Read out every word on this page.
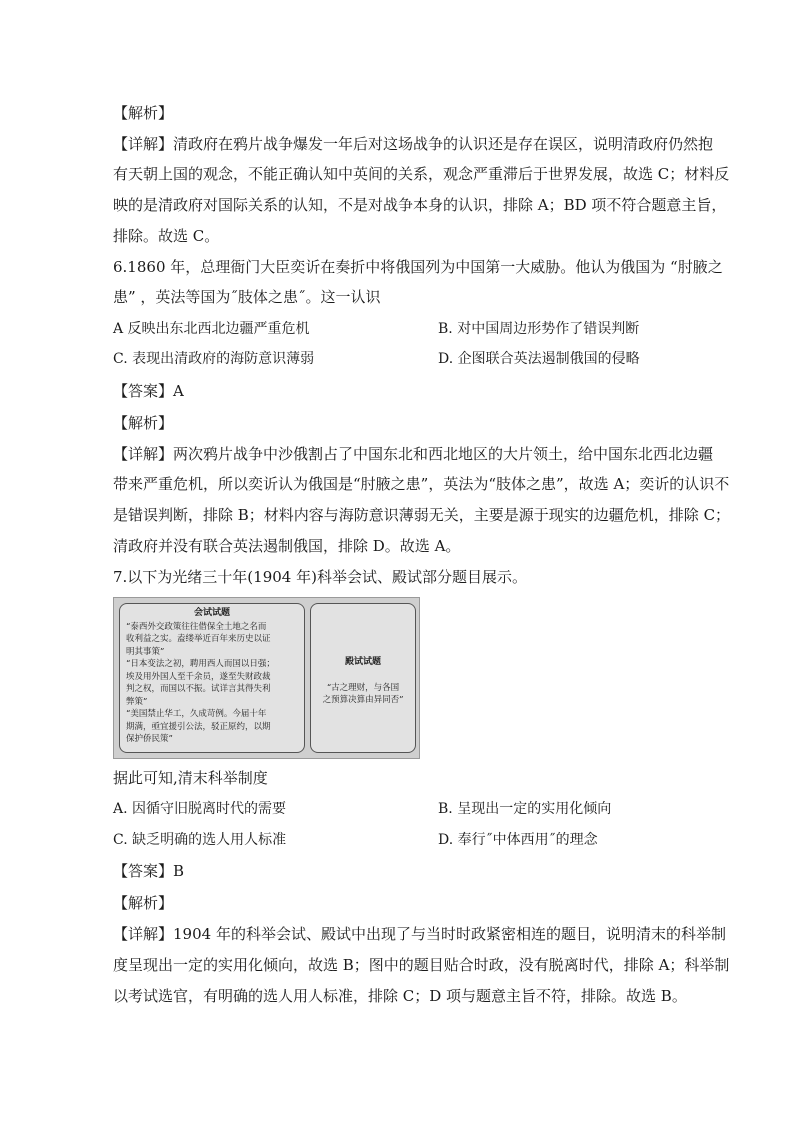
【解析】
【详解】清政府在鸦片战争爆发一年后对这场战争的认识还是存在误区，说明清政府仍然抱
有天朝上国的观念，不能正确认知中英间的关系，观念严重滞后于世界发展，故选 C；材料反
映的是清政府对国际关系的认知，不是对战争本身的认识，排除 A；BD 项不符合题意主旨，
排除。故选 C。
6.1860 年，总理衙门大臣奕䜣在奏折中将俄国列为中国第一大威胁。他认为俄国为 “肘腋之
患” ，英法等国为˝肢体之患˝。这一认识
A 反映出东北西北边疆严重危机	B. 对中国周边形势作了错误判断
C. 表现出清政府的海防意识薄弱	D. 企图联合英法遏制俄国的侵略
【答案】A
【解析】
【详解】两次鸦片战争中沙俄割占了中国东北和西北地区的大片领土，给中国东北西北边疆
带来严重危机，所以奕䜣认为俄国是“肘腋之患”，英法为“肢体之患”，故选 A；奕䜣的认识不
是错误判断，排除 B；材料内容与海防意识薄弱无关，主要是源于现实的边疆危机，排除 C；
清政府并没有联合英法遏制俄国，排除 D。故选 A。
7.以下为光绪三十年(1904 年)科举会试、殿试部分题目展示。
会试试题
“泰西外交政策往往借保全土地之名而
收利益之实。盍缕举近百年来历史以证
明其事策”
“日本变法之初，聘用西人而国以日强；
埃及用外国人至千余员，遂至失财政裁
判之权，而国以不振。试详言其得失利
弊策”
“美国禁止华工，久成苛例。今届十年
期满，亟宜援引公法，驳正原约，以期
保护侨民策”
殿试试题
“古之理财，与各国
之预算决算由异同否”
据此可知,清末科举制度
A. 因循守旧脱离时代的需要	B. 呈现出一定的实用化倾向
C. 缺乏明确的选人用人标准	D. 奉行˝中体西用˝的理念
【答案】B
【解析】
【详解】1904 年的科举会试、殿试中出现了与当时时政紧密相连的题目，说明清末的科举制
度呈现出一定的实用化倾向，故选 B；图中的题目贴合时政，没有脱离时代，排除 A；科举制
以考试选官，有明确的选人用人标准，排除 C；D 项与题意主旨不符，排除。故选 B。
